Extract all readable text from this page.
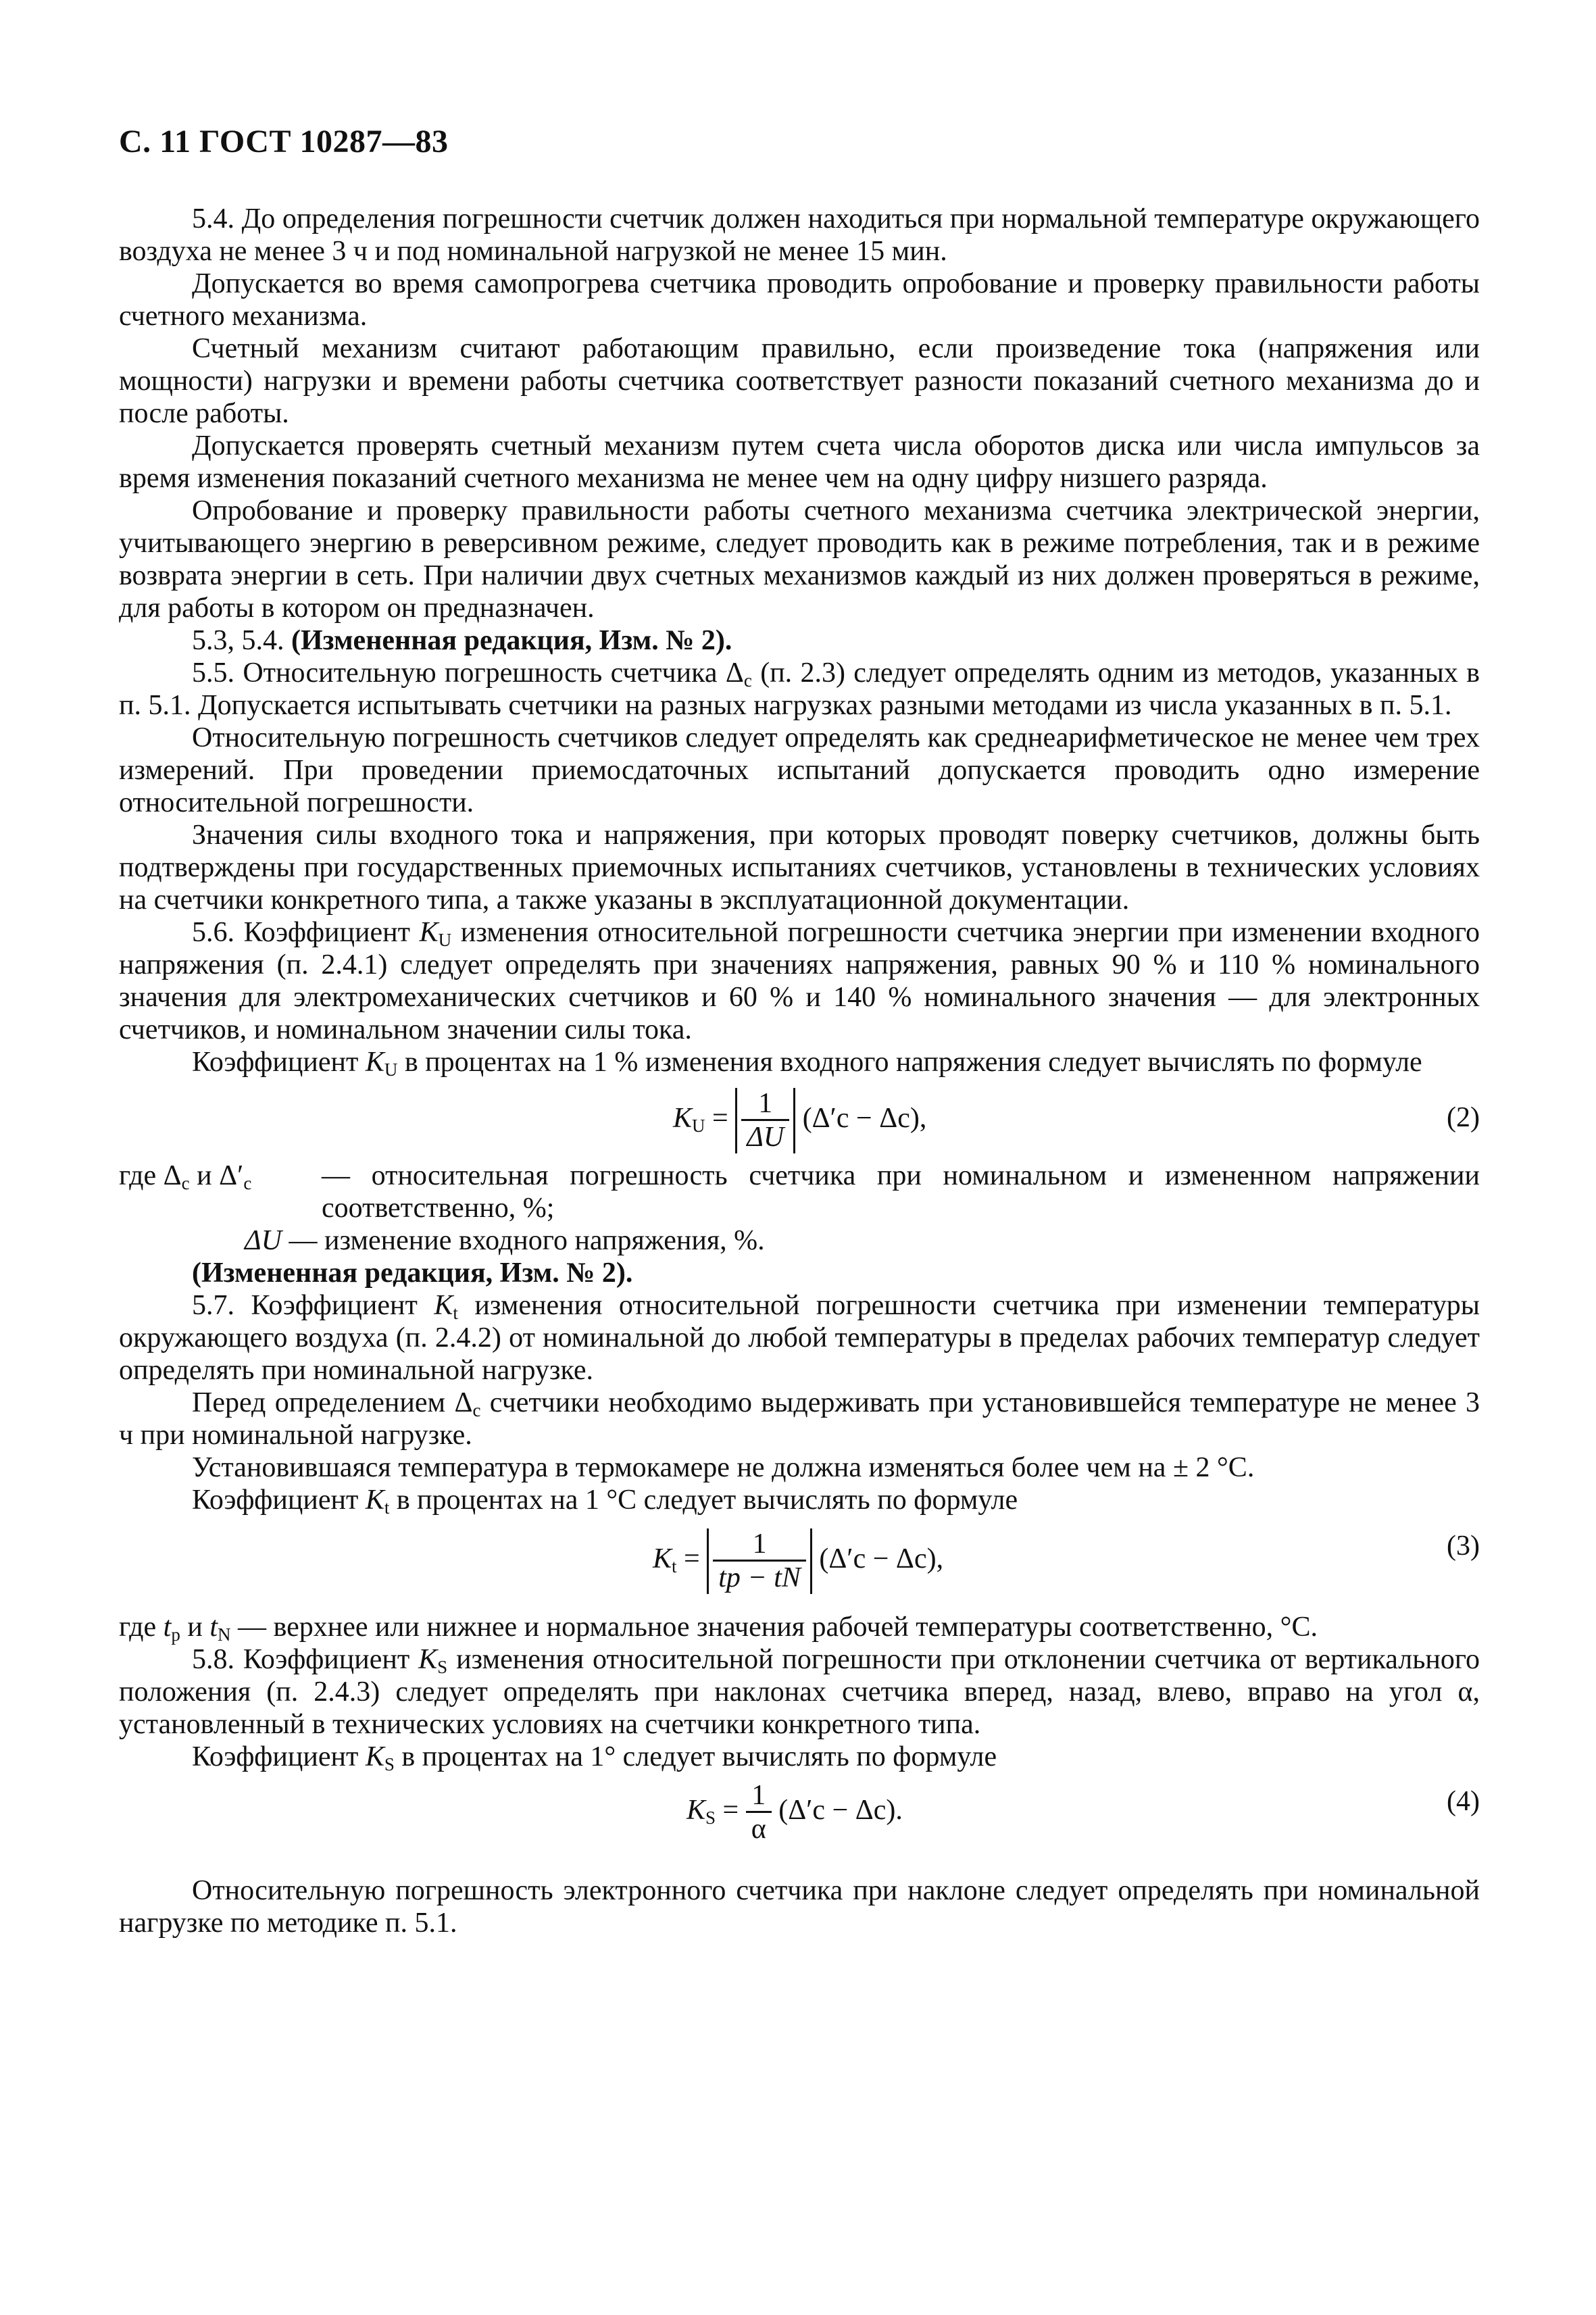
С. 11 ГОСТ 10287—83

5.4. До определения погрешности счетчик должен находиться при нормальной температуре окружающего воздуха не менее 3 ч и под номинальной нагрузкой не менее 15 мин.

Допускается во время самопрогрева счетчика проводить опробование и проверку правильности работы счетного механизма.

Счетный механизм считают работающим правильно, если произведение тока (напряжения или мощности) нагрузки и времени работы счетчика соответствует разности показаний счетного механизма до и после работы.

Допускается проверять счетный механизм путем счета числа оборотов диска или числа импульсов за время изменения показаний счетного механизма не менее чем на одну цифру низшего разряда.

Опробование и проверку правильности работы счетного механизма счетчика электрической энергии, учитывающего энергию в реверсивном режиме, следует проводить как в режиме потребления, так и в режиме возврата энергии в сеть. При наличии двух счетных механизмов каждый из них должен проверяться в режиме, для работы в котором он предназначен.

5.3, 5.4. (Измененная редакция, Изм. № 2).

5.5. Относительную погрешность счетчика $\Delta_c$ (п. 2.3) следует определять одним из методов, указанных в п. 5.1. Допускается испытывать счетчики на разных нагрузках разными методами из числа указанных в п. 5.1.

Относительную погрешность счетчиков следует определять как среднеарифметическое не менее чем трех измерений. При проведении приемосдаточных испытаний допускается проводить одно измерение относительной погрешности.

Значения силы входного тока и напряжения, при которых проводят поверку счетчиков, должны быть подтверждены при государственных приемочных испытаниях счетчиков, установлены в технических условиях на счетчики конкретного типа, а также указаны в эксплуатационной документации.

5.6. Коэффициент $K_U$ изменения относительной погрешности счетчика энергии при изменении входного напряжения (п. 2.4.1) следует определять при значениях напряжения, равных 90 % и 110 % номинального значения для электромеханических счетчиков и 60 % и 140 % номинального значения — для электронных счетчиков, и номинальном значении силы тока.

Коэффициент $K_U$ в процентах на 1 % изменения входного напряжения следует вычислять по формуле

$K_U = \frac{1}{\Delta U} (\Delta'c - \Delta c)$,	(2)
где $\Delta_c$ и $\Delta'_c$ — относительная погрешность счетчика при номинальном и измененном напряжении соответственно, %;

ΔU — изменение входного напряжения, %.

(Измененная редакция, Изм. № 2).

5.7. Коэффициент $K_t$ изменения относительной погрешности счетчика при изменении температуры окружающего воздуха (п. 2.4.2) от номинальной до любой температуры в пределах рабочих температур следует определять при номинальной нагрузке.

Перед определением $\Delta_c$ счетчики необходимо выдерживать при установившейся температуре не менее 3 ч при номинальной нагрузке.

Установившаяся температура в термокамере не должна изменяться более чем на ± 2 °С.

Коэффициент $K_t$ в процентах на 1 °С следует вычислять по формуле

$K_t = \frac{1}{tp - tN} (\Delta'c - \Delta c)$,	(3)

где $t_p$ и $t_N$ — верхнее или нижнее и нормальное значения рабочей температуры соответственно, °С.

5.8. Коэффициент $K_S$ изменения относительной погрешности при отклонении счетчика от вертикального положения (п. 2.4.3) следует определять при наклонах счетчика вперед, назад, влево, вправо на угол α, установленный в технических условиях на счетчики конкретного типа.

Коэффициент $K_S$ в процентах на 1° следует вычислять по формуле

$K_S = \frac{1}{\alpha} (\Delta'c - \Delta c)$.	(4)

Относительную погрешность электронного счетчика при наклоне следует определять при номинальной нагрузке по методике п. 5.1.
